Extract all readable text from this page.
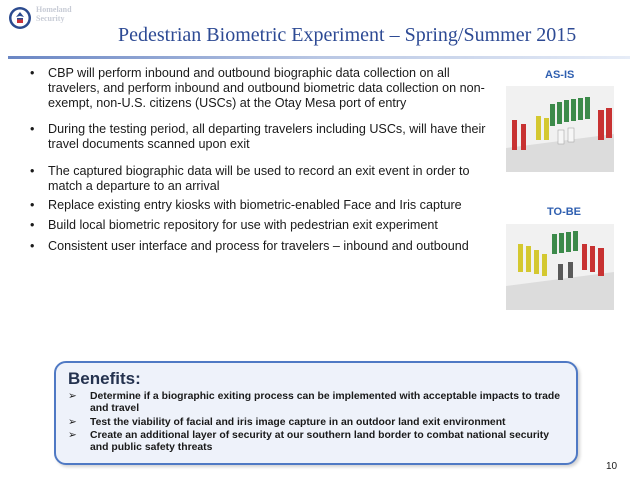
Homeland
Security
Pedestrian Biometric Experiment – Spring/Summer 2015
• CBP will perform inbound and outbound biographic data collection on all travelers, and perform inbound and outbound biometric data collection on non-exempt, non-U.S. citizens (USCs) at the Otay Mesa port of entry
• During the testing period, all departing travelers including USCs, will have their travel documents scanned upon exit
• The captured biographic data will be used to record an exit event in order to match a departure to an arrival
• Replace existing entry kiosks with biometric-enabled Face and Iris capture
• Build local biometric repository for use with pedestrian exit experiment
• Consistent user interface and process for travelers – inbound and outbound
AS-IS
TO-BE
Benefits:
➢ Determine if a biographic exiting process can be implemented with acceptable impacts to trade and travel
➢ Test the viability of facial and iris image capture in an outdoor land exit environment
➢ Create an additional layer of security at our southern land border to combat national security and public safety threats
10
